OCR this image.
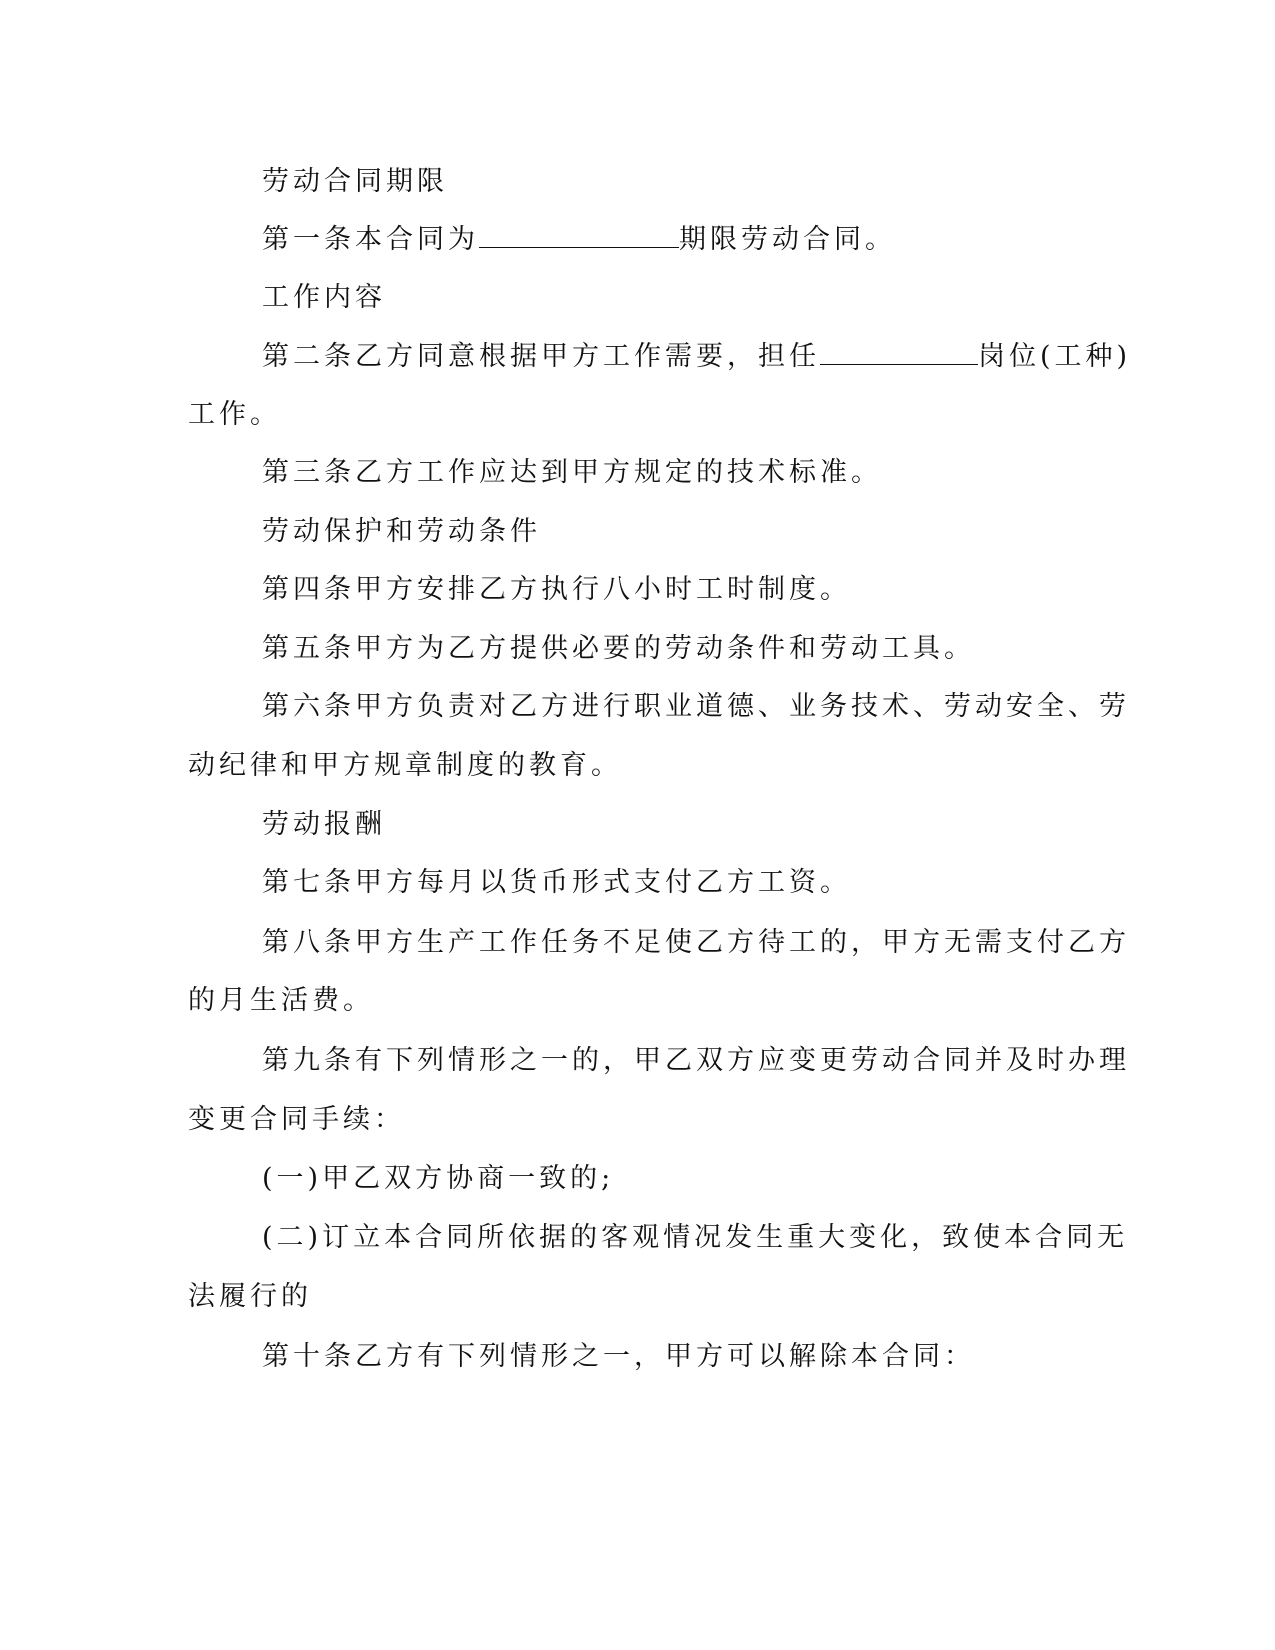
劳动合同期限
第一条本合同为	期限劳动合同。
工作内容
第二条乙方同意根据甲方工作需要，担任	岗位(工种)
工作。
第三条乙方工作应达到甲方规定的技术标准。
劳动保护和劳动条件
第四条甲方安排乙方执行八小时工时制度。
第五条甲方为乙方提供必要的劳动条件和劳动工具。
第六条甲方负责对乙方进行职业道德、业务技术、劳动安全、劳
动纪律和甲方规章制度的教育。
劳动报酬
第七条甲方每月以货币形式支付乙方工资。
第八条甲方生产工作任务不足使乙方待工的，甲方无需支付乙方
的月生活费。
第九条有下列情形之一的，甲乙双方应变更劳动合同并及时办理
变更合同手续：
(一)甲乙双方协商一致的;
(二)订立本合同所依据的客观情况发生重大变化，致使本合同无
法履行的
第十条乙方有下列情形之一，甲方可以解除本合同：
